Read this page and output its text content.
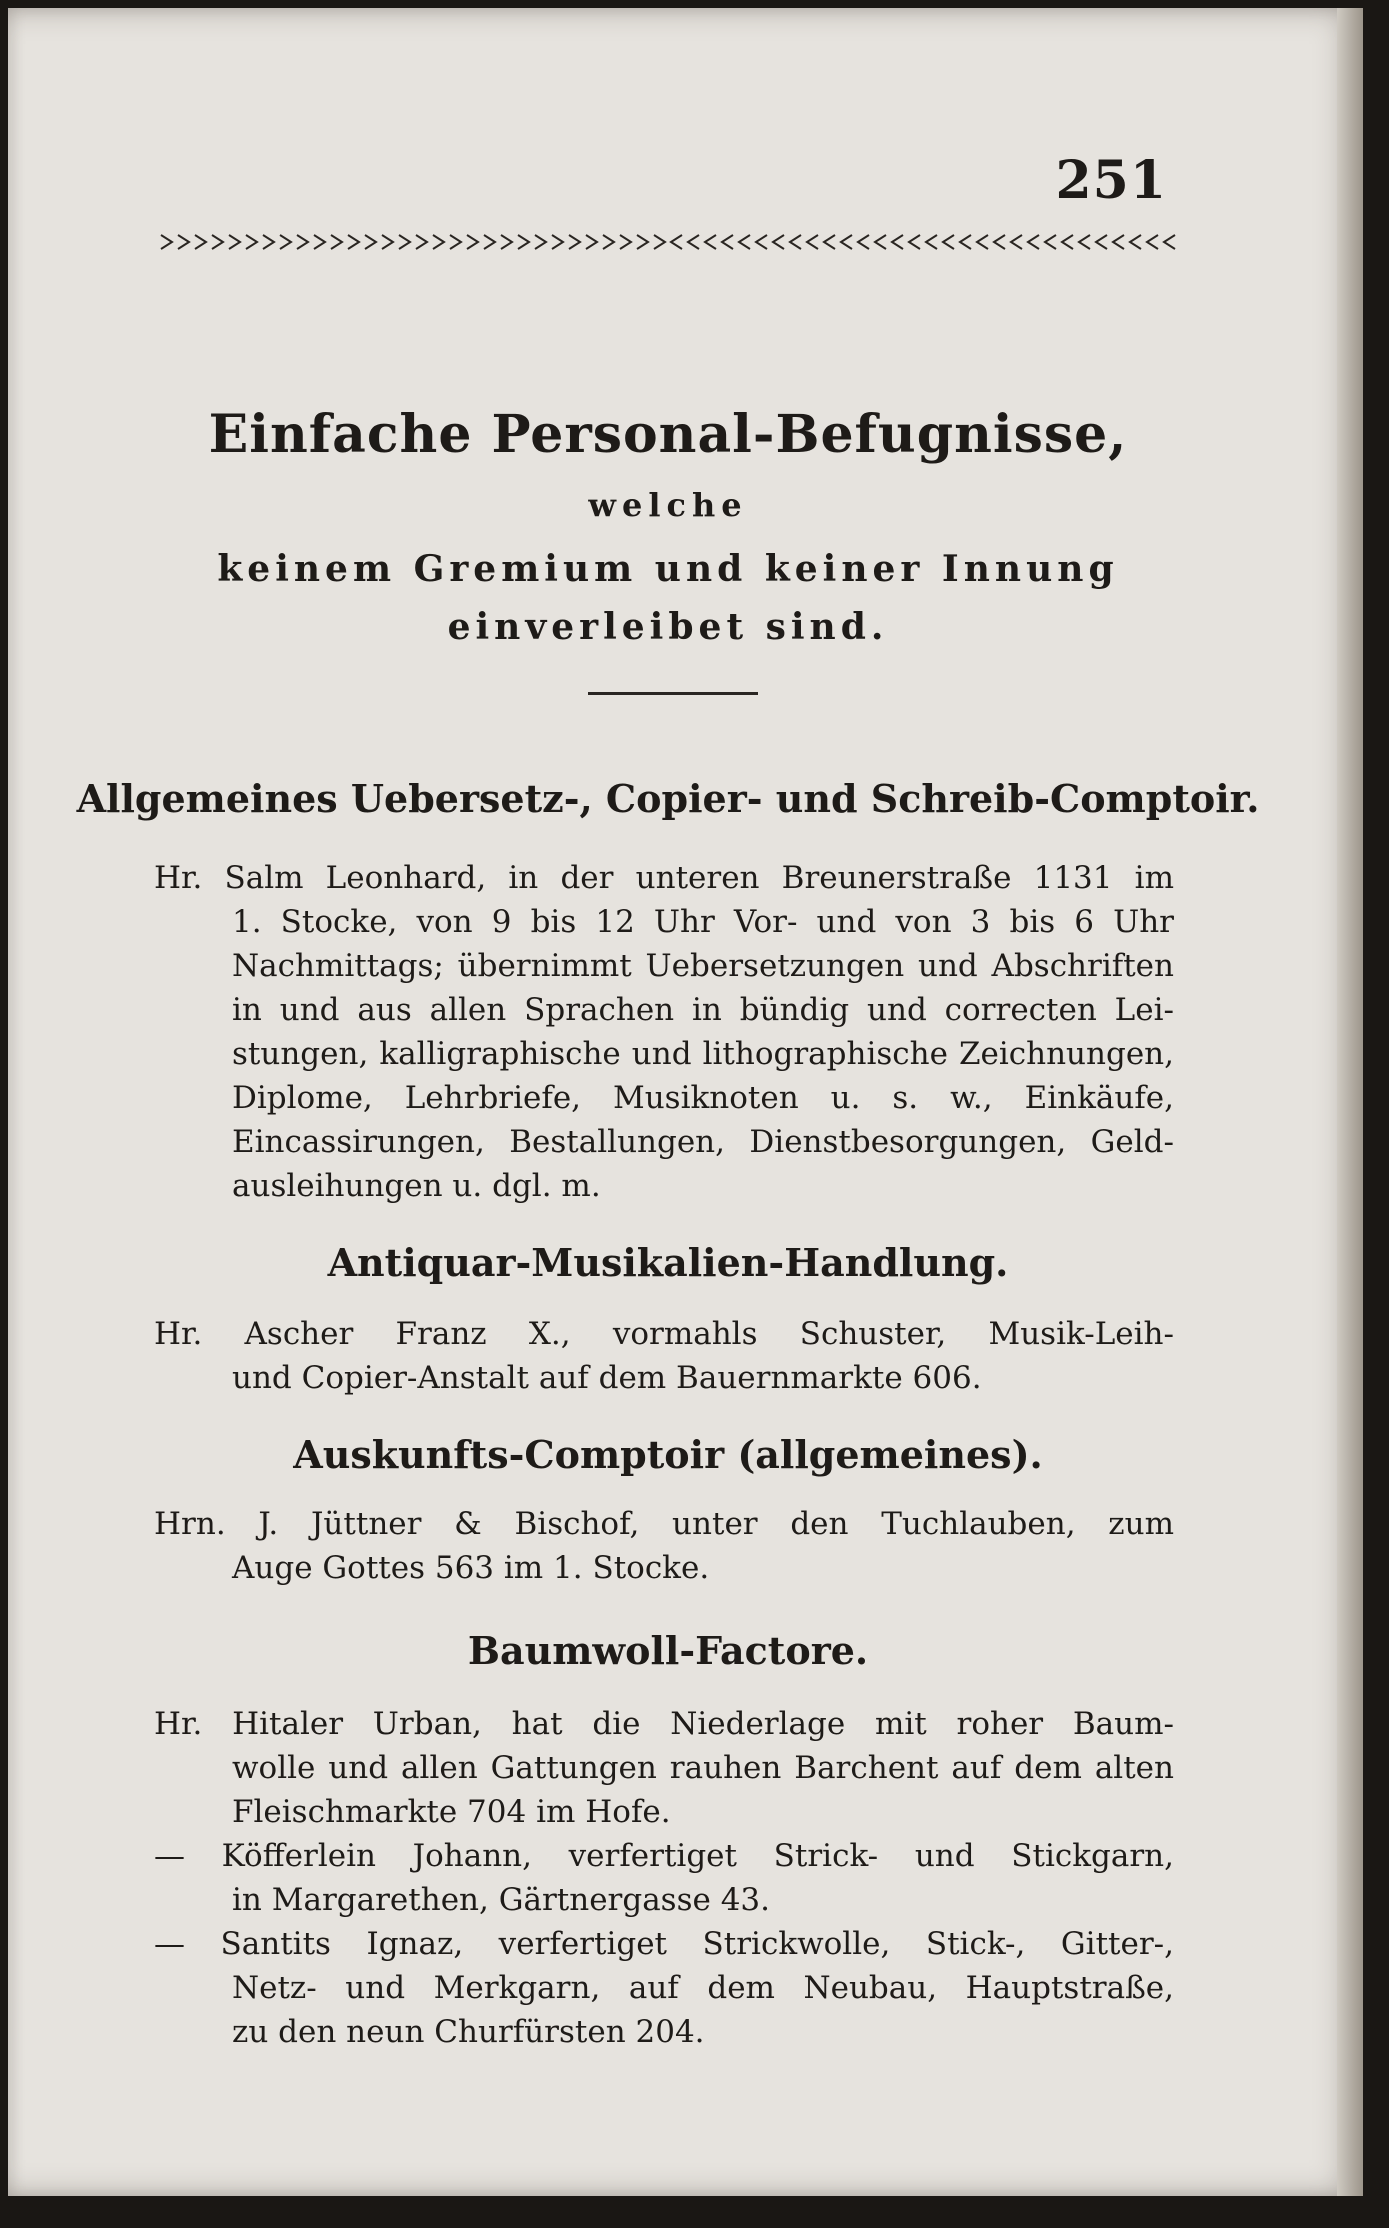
251
Einfache Personal-Befugnisse,
welche
keinem Gremium und keiner Innung
einverleibet sind.
Allgemeines Uebersetz-, Copier- und Schreib-Comptoir.
Hr. Salm Leonhard, in der unteren Breunerstraße 1131 im
1. Stocke, von 9 bis 12 Uhr Vor- und von 3 bis 6 Uhr
Nachmittags; übernimmt Uebersetzungen und Abschriften
in und aus allen Sprachen in bündig und correcten Lei-
stungen, kalligraphische und lithographische Zeichnungen,
Diplome, Lehrbriefe, Musiknoten u. s. w., Einkäufe,
Eincassirungen, Bestallungen, Dienstbesorgungen, Geld-
ausleihungen u. dgl. m.
Antiquar-Musikalien-Handlung.
Hr. Ascher Franz X., vormahls Schuster, Musik-Leih-
und Copier-Anstalt auf dem Bauernmarkte 606.
Auskunfts-Comptoir (allgemeines).
Hrn. J. Jüttner & Bischof, unter den Tuchlauben, zum
Auge Gottes 563 im 1. Stocke.
Baumwoll-Factore.
Hr. Hitaler Urban, hat die Niederlage mit roher Baum-
wolle und allen Gattungen rauhen Barchent auf dem alten
Fleischmarkte 704 im Hofe.
— Köfferlein Johann, verfertiget Strick- und Stickgarn,
in Margarethen, Gärtnergasse 43.
— Santits Ignaz, verfertiget Strickwolle, Stick-, Gitter-,
Netz- und Merkgarn, auf dem Neubau, Hauptstraße,
zu den neun Churfürsten 204.
